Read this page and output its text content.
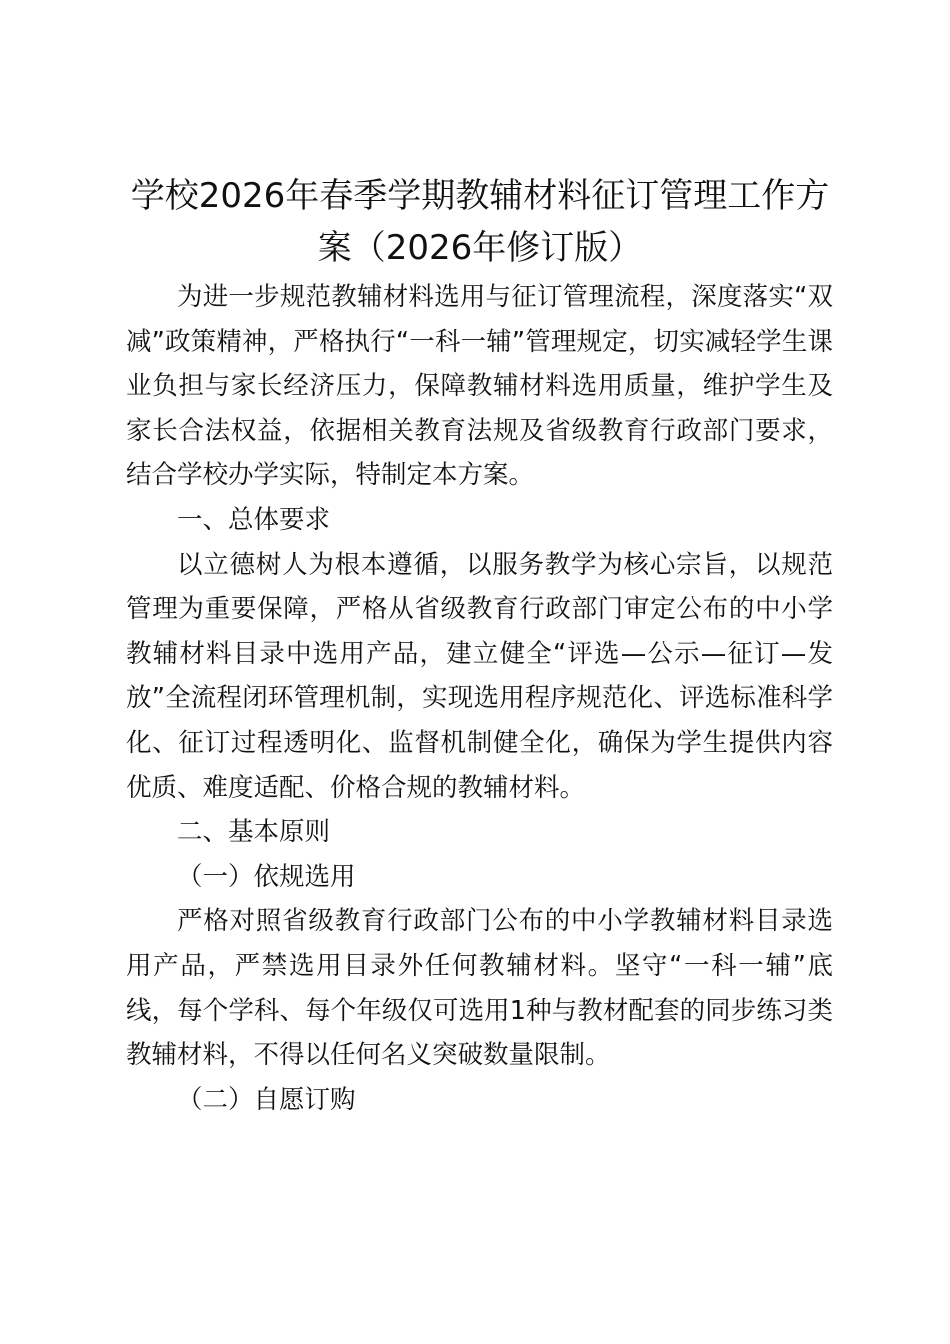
学校2026年春季学期教辅材料征订管理工作方案（2026年修订版）

为进一步规范教辅材料选用与征订管理流程，深度落实“双减”政策精神，严格执行“一科一辅”管理规定，切实减轻学生课业负担与家长经济压力，保障教辅材料选用质量，维护学生及家长合法权益，依据相关教育法规及省级教育行政部门要求，结合学校办学实际，特制定本方案。

一、总体要求

以立德树人为根本遵循，以服务教学为核心宗旨，以规范管理为重要保障，严格从省级教育行政部门审定公布的中小学教辅材料目录中选用产品，建立健全“评选—公示—征订—发放”全流程闭环管理机制，实现选用程序规范化、评选标准科学化、征订过程透明化、监督机制健全化，确保为学生提供内容优质、难度适配、价格合规的教辅材料。

二、基本原则

（一）依规选用

严格对照省级教育行政部门公布的中小学教辅材料目录选用产品，严禁选用目录外任何教辅材料。坚守“一科一辅”底线，每个学科、每个年级仅可选用1种与教材配套的同步练习类教辅材料，不得以任何名义突破数量限制。

（二）自愿订购
